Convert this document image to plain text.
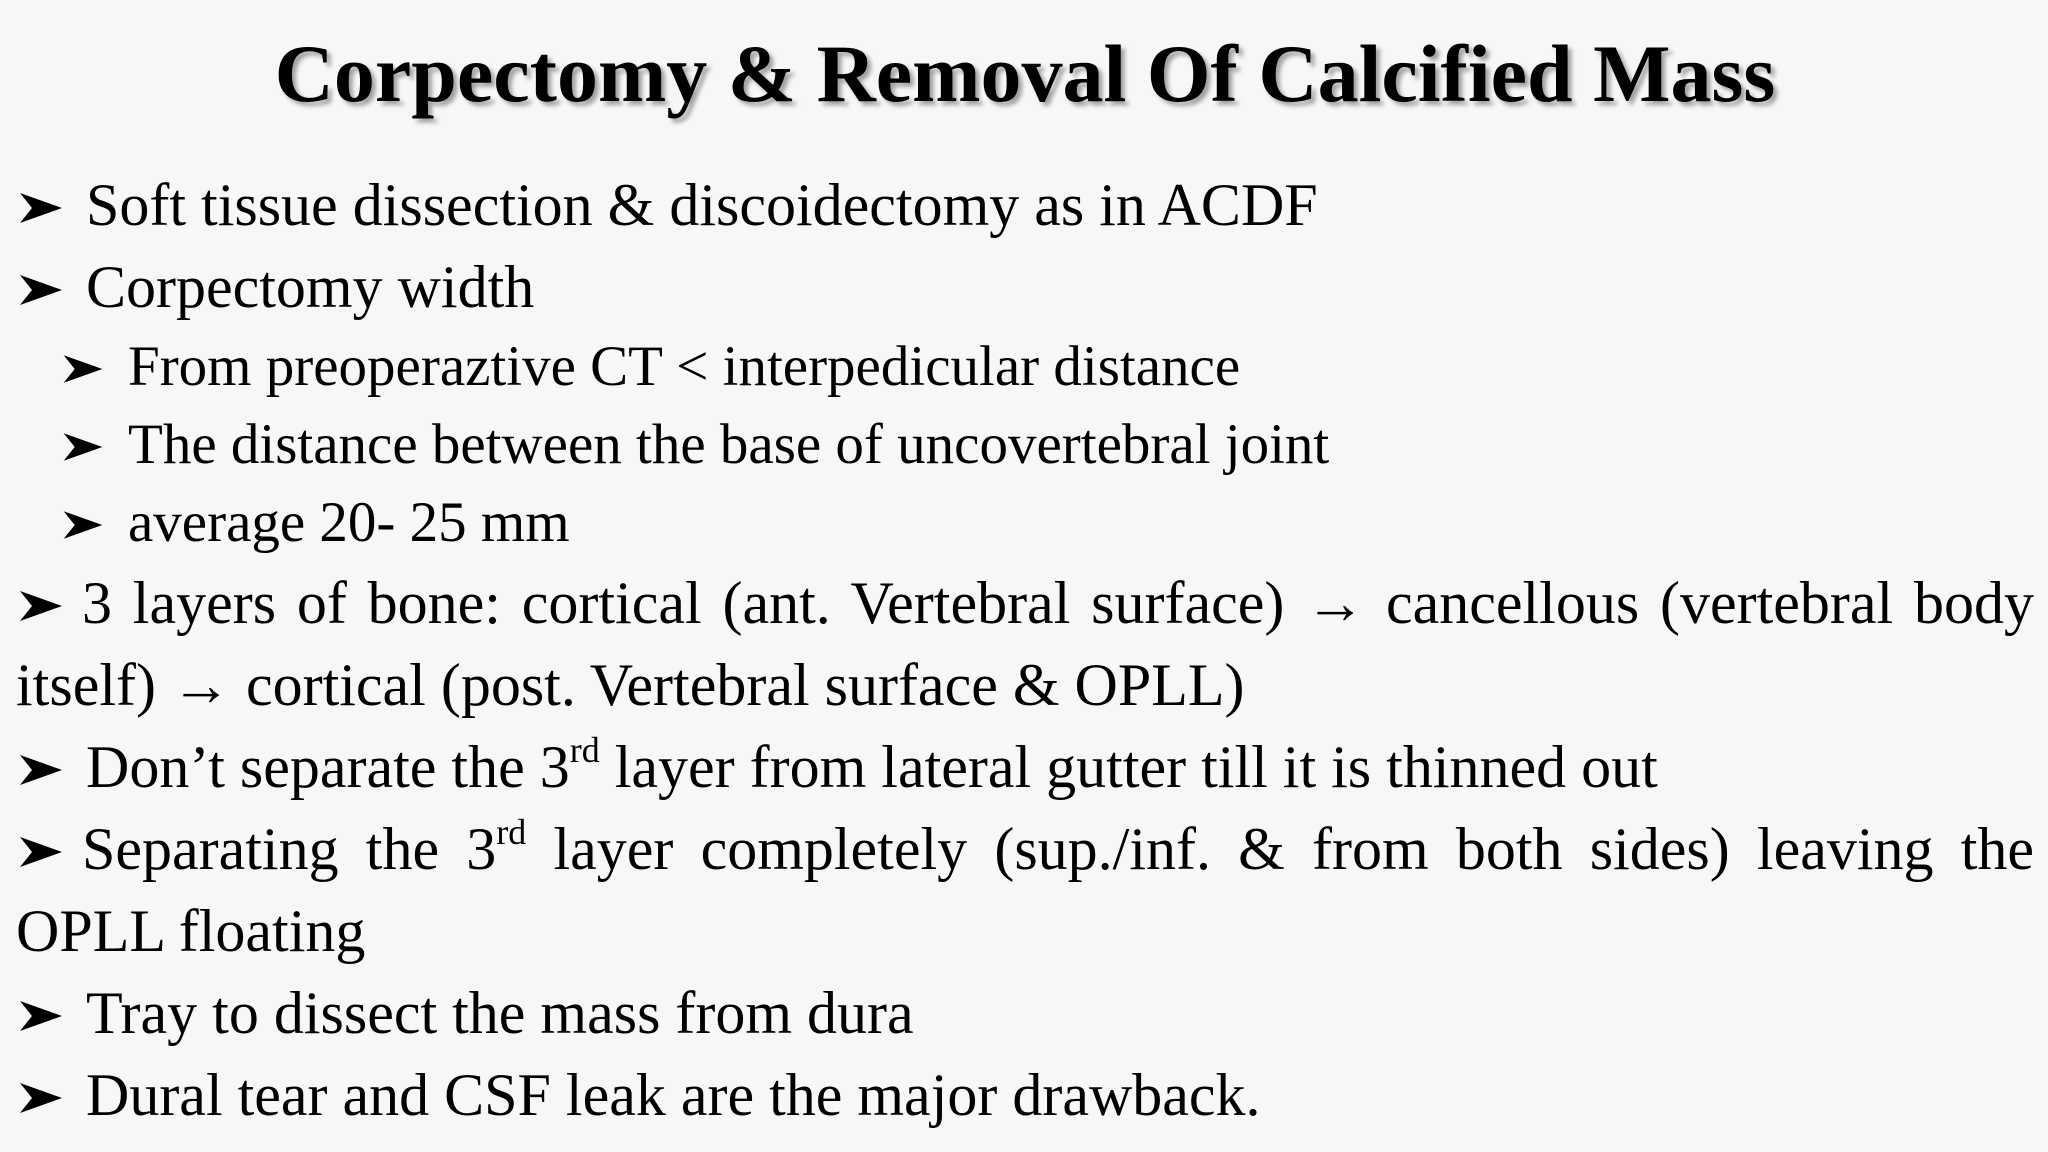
Corpectomy & Removal Of Calcified Mass
Soft tissue dissection & discoidectomy as in ACDF
Corpectomy width
From preoperaztive CT < interpedicular distance
The distance between the base of uncovertebral joint
average 20- 25 mm
3 layers of bone: cortical (ant. Vertebral surface) → cancellous (vertebral body itself) → cortical (post. Vertebral surface & OPLL)
Don’t separate the 3rd layer from lateral gutter till it is thinned out
Separating the 3rd layer completely (sup./inf. & from both sides) leaving the OPLL floating
Tray to dissect the mass from dura
Dural tear and CSF leak are the major drawback.
